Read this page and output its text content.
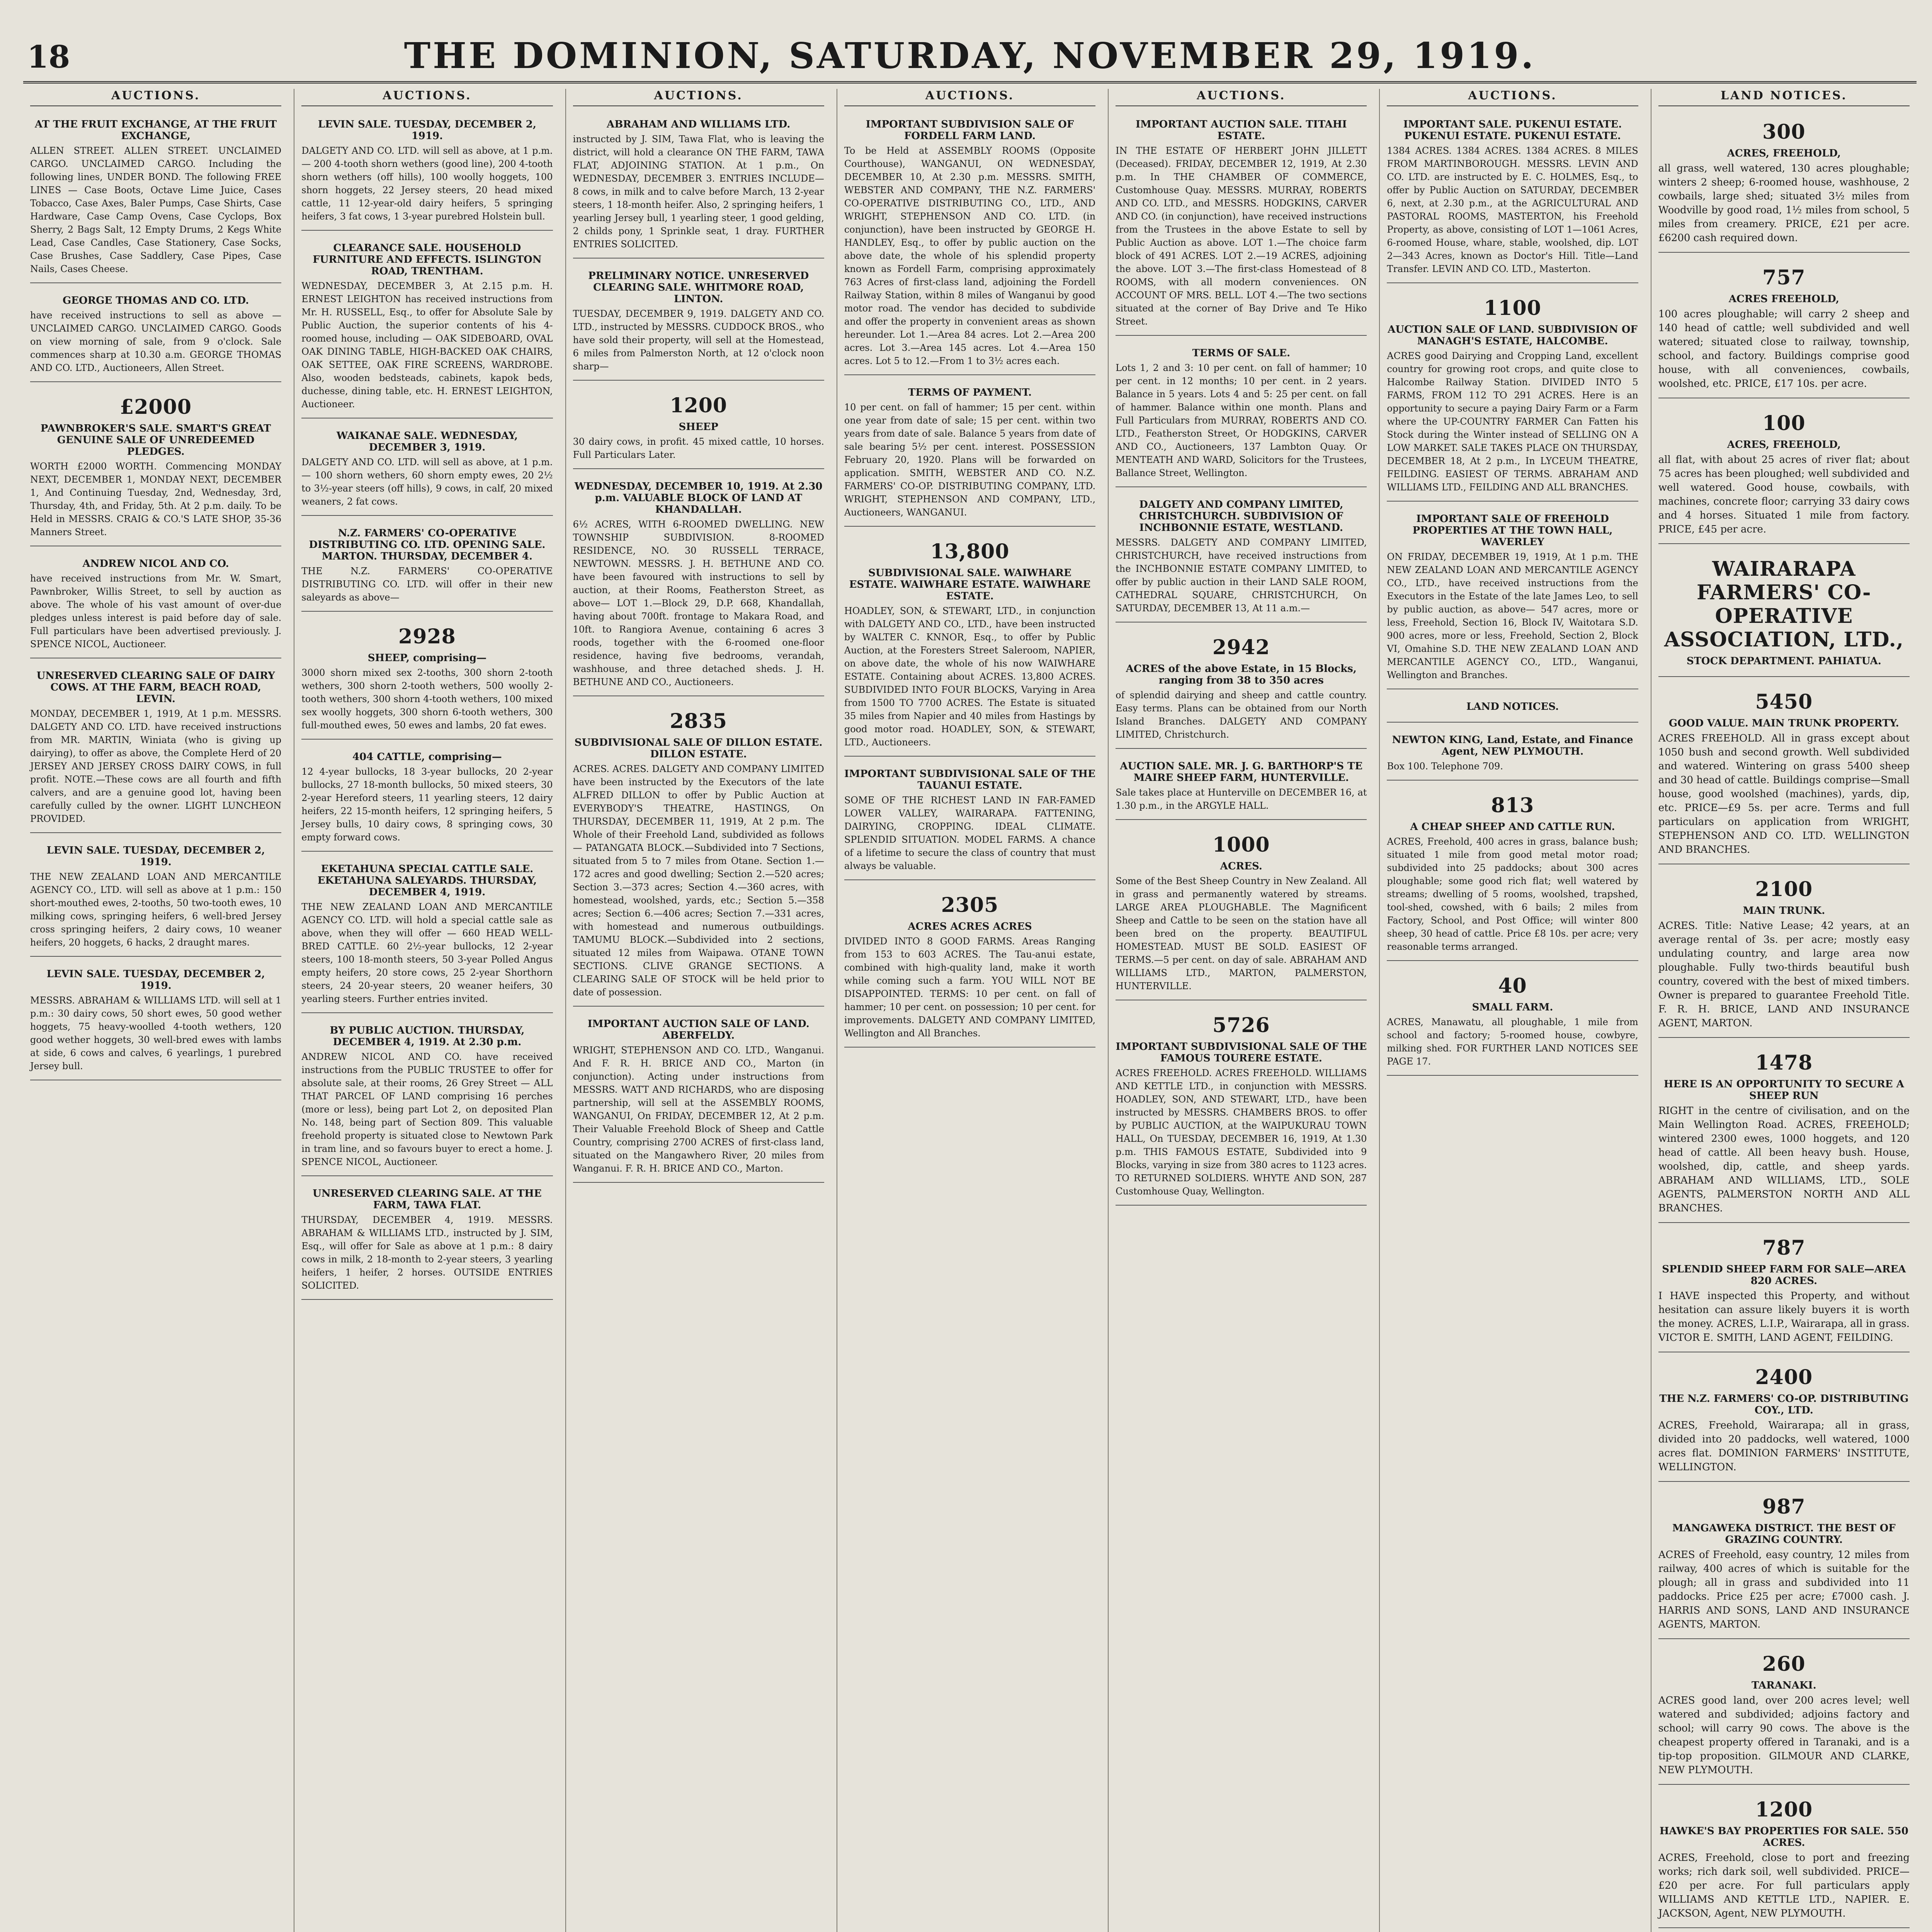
18	THE DOMINION, SATURDAY, NOVEMBER 29, 1919.
AUCTIONS.
AT THE FRUIT EXCHANGE, AT THE FRUIT EXCHANGE,
ALLEN STREET. ALLEN STREET. UNCLAIMED CARGO. UNCLAIMED CARGO. Including the following lines, UNDER BOND. The following FREE LINES — Case Boots, Octave Lime Juice, Cases Tobacco, Case Axes, Baler Pumps, Case Shirts, Case Hardware, Case Camp Ovens, Case Cyclops, Box Sherry, 2 Bags Salt, 12 Empty Drums, 2 Kegs White Lead, Case Candles, Case Stationery, Case Socks, Case Brushes, Case Saddlery, Case Pipes, Case Nails, Cases Cheese.
GEORGE THOMAS AND CO. LTD.
have received instructions to sell as above — UNCLAIMED CARGO. UNCLAIMED CARGO. Goods on view morning of sale, from 9 o'clock. Sale commences sharp at 10.30 a.m. GEORGE THOMAS AND CO. LTD., Auctioneers, Allen Street.
£2000
PAWNBROKER'S SALE. SMART'S GREAT GENUINE SALE OF UNREDEEMED PLEDGES.
WORTH £2000 WORTH. Commencing MONDAY NEXT, DECEMBER 1, MONDAY NEXT, DECEMBER 1, And Continuing Tuesday, 2nd, Wednesday, 3rd, Thursday, 4th, and Friday, 5th. At 2 p.m. daily. To be Held in MESSRS. CRAIG & CO.'S LATE SHOP, 35-36 Manners Street.
ANDREW NICOL AND CO.
have received instructions from Mr. W. Smart, Pawnbroker, Willis Street, to sell by auction as above. The whole of his vast amount of over-due pledges unless interest is paid before day of sale. Full particulars have been advertised previously. J. SPENCE NICOL, Auctioneer.
UNRESERVED CLEARING SALE OF DAIRY COWS. AT THE FARM, BEACH ROAD, LEVIN.
MONDAY, DECEMBER 1, 1919, At 1 p.m. MESSRS. DALGETY AND CO. LTD. have received instructions from MR. MARTIN, Winiata (who is giving up dairying), to offer as above, the Complete Herd of 20 JERSEY AND JERSEY CROSS DAIRY COWS, in full profit. NOTE.—These cows are all fourth and fifth calvers, and are a genuine good lot, having been carefully culled by the owner. LIGHT LUNCHEON PROVIDED.
LEVIN SALE. TUESDAY, DECEMBER 2, 1919.
THE NEW ZEALAND LOAN AND MERCANTILE AGENCY CO., LTD. will sell as above at 1 p.m.: 150 short-mouthed ewes, 2-tooths, 50 two-tooth ewes, 10 milking cows, springing heifers, 6 well-bred Jersey cross springing heifers, 2 dairy cows, 10 weaner heifers, 20 hoggets, 6 hacks, 2 draught mares.
LEVIN SALE. TUESDAY, DECEMBER 2, 1919.
MESSRS. ABRAHAM & WILLIAMS LTD. will sell at 1 p.m.: 30 dairy cows, 50 short ewes, 50 good wether hoggets, 75 heavy-woolled 4-tooth wethers, 120 good wether hoggets, 30 well-bred ewes with lambs at side, 6 cows and calves, 6 yearlings, 1 purebred Jersey bull.
AUCTIONS.
LEVIN SALE. TUESDAY, DECEMBER 2, 1919.
DALGETY AND CO. LTD. will sell as above, at 1 p.m.— 200 4-tooth shorn wethers (good line), 200 4-tooth shorn wethers (off hills), 100 woolly hoggets, 100 shorn hoggets, 22 Jersey steers, 20 head mixed cattle, 11 12-year-old dairy heifers, 5 springing heifers, 3 fat cows, 1 3-year purebred Holstein bull.
CLEARANCE SALE. HOUSEHOLD FURNITURE AND EFFECTS. ISLINGTON ROAD, TRENTHAM.
WEDNESDAY, DECEMBER 3, At 2.15 p.m. H. ERNEST LEIGHTON has received instructions from Mr. H. RUSSELL, Esq., to offer for Absolute Sale by Public Auction, the superior contents of his 4-roomed house, including — OAK SIDEBOARD, OVAL OAK DINING TABLE, HIGH-BACKED OAK CHAIRS, OAK SETTEE, OAK FIRE SCREENS, WARDROBE. Also, wooden bedsteads, cabinets, kapok beds, duchesse, dining table, etc. H. ERNEST LEIGHTON, Auctioneer.
WAIKANAE SALE. WEDNESDAY, DECEMBER 3, 1919.
DALGETY AND CO. LTD. will sell as above, at 1 p.m. — 100 shorn wethers, 60 shorn empty ewes, 20 2½ to 3½-year steers (off hills), 9 cows, in calf, 20 mixed weaners, 2 fat cows.
N.Z. FARMERS' CO-OPERATIVE DISTRIBUTING CO. LTD. OPENING SALE. MARTON. THURSDAY, DECEMBER 4.
THE N.Z. FARMERS' CO-OPERATIVE DISTRIBUTING CO. LTD. will offer in their new saleyards as above—
2928
SHEEP, comprising—
3000 shorn mixed sex 2-tooths, 300 shorn 2-tooth wethers, 300 shorn 2-tooth wethers, 500 woolly 2-tooth wethers, 300 shorn 4-tooth wethers, 100 mixed sex woolly hoggets, 300 shorn 6-tooth wethers, 300 full-mouthed ewes, 50 ewes and lambs, 20 fat ewes.
404 CATTLE, comprising—
12 4-year bullocks, 18 3-year bullocks, 20 2-year bullocks, 27 18-month bullocks, 50 mixed steers, 30 2-year Hereford steers, 11 yearling steers, 12 dairy heifers, 22 15-month heifers, 12 springing heifers, 5 Jersey bulls, 10 dairy cows, 8 springing cows, 30 empty forward cows.
EKETAHUNA SPECIAL CATTLE SALE. EKETAHUNA SALEYARDS. THURSDAY, DECEMBER 4, 1919.
THE NEW ZEALAND LOAN AND MERCANTILE AGENCY CO. LTD. will hold a special cattle sale as above, when they will offer — 660 HEAD WELL-BRED CATTLE. 60 2½-year bullocks, 12 2-year steers, 100 18-month steers, 50 3-year Polled Angus empty heifers, 20 store cows, 25 2-year Shorthorn steers, 24 20-year steers, 20 weaner heifers, 30 yearling steers. Further entries invited.
BY PUBLIC AUCTION. THURSDAY, DECEMBER 4, 1919. At 2.30 p.m.
ANDREW NICOL AND CO. have received instructions from the PUBLIC TRUSTEE to offer for absolute sale, at their rooms, 26 Grey Street — ALL THAT PARCEL OF LAND comprising 16 perches (more or less), being part Lot 2, on deposited Plan No. 148, being part of Section 809. This valuable freehold property is situated close to Newtown Park in tram line, and so favours buyer to erect a home. J. SPENCE NICOL, Auctioneer.
UNRESERVED CLEARING SALE. AT THE FARM, TAWA FLAT.
THURSDAY, DECEMBER 4, 1919. MESSRS. ABRAHAM & WILLIAMS LTD., instructed by J. SIM, Esq., will offer for Sale as above at 1 p.m.: 8 dairy cows in milk, 2 18-month to 2-year steers, 3 yearling heifers, 1 heifer, 2 horses. OUTSIDE ENTRIES SOLICITED.
AUCTIONS.
ABRAHAM AND WILLIAMS LTD.
instructed by J. SIM, Tawa Flat, who is leaving the district, will hold a clearance ON THE FARM, TAWA FLAT, ADJOINING STATION. At 1 p.m., On WEDNESDAY, DECEMBER 3. ENTRIES INCLUDE— 8 cows, in milk and to calve before March, 13 2-year steers, 1 18-month heifer. Also, 2 springing heifers, 1 yearling Jersey bull, 1 yearling steer, 1 good gelding, 2 childs pony, 1 Sprinkle seat, 1 dray. FURTHER ENTRIES SOLICITED.
PRELIMINARY NOTICE. UNRESERVED CLEARING SALE. WHITMORE ROAD, LINTON.
TUESDAY, DECEMBER 9, 1919. DALGETY AND CO. LTD., instructed by MESSRS. CUDDOCK BROS., who have sold their property, will sell at the Homestead, 6 miles from Palmerston North, at 12 o'clock noon sharp—
1200
SHEEP
30 dairy cows, in profit. 45 mixed cattle, 10 horses. Full Particulars Later.
WEDNESDAY, DECEMBER 10, 1919. At 2.30 p.m. VALUABLE BLOCK OF LAND AT KHANDALLAH.
6½ ACRES, WITH 6-ROOMED DWELLING. NEW TOWNSHIP SUBDIVISION. 8-ROOMED RESIDENCE, NO. 30 RUSSELL TERRACE, NEWTOWN. MESSRS. J. H. BETHUNE AND CO. have been favoured with instructions to sell by auction, at their Rooms, Featherston Street, as above— LOT 1.—Block 29, D.P. 668, Khandallah, having about 700ft. frontage to Makara Road, and 10ft. to Rangiora Avenue, containing 6 acres 3 roods, together with the 6-roomed one-floor residence, having five bedrooms, verandah, washhouse, and three detached sheds. J. H. BETHUNE AND CO., Auctioneers.
2835
SUBDIVISIONAL SALE OF DILLON ESTATE. DILLON ESTATE.
ACRES. ACRES. DALGETY AND COMPANY LIMITED have been instructed by the Executors of the late ALFRED DILLON to offer by Public Auction at EVERYBODY'S THEATRE, HASTINGS, On THURSDAY, DECEMBER 11, 1919, At 2 p.m. The Whole of their Freehold Land, subdivided as follows— PATANGATA BLOCK.—Subdivided into 7 Sections, situated from 5 to 7 miles from Otane. Section 1.—172 acres and good dwelling; Section 2.—520 acres; Section 3.—373 acres; Section 4.—360 acres, with homestead, woolshed, yards, etc.; Section 5.—358 acres; Section 6.—406 acres; Section 7.—331 acres, with homestead and numerous outbuildings. TAMUMU BLOCK.—Subdivided into 2 sections, situated 12 miles from Waipawa. OTANE TOWN SECTIONS. CLIVE GRANGE SECTIONS. A CLEARING SALE OF STOCK will be held prior to date of possession.
IMPORTANT AUCTION SALE OF LAND. ABERFELDY.
WRIGHT, STEPHENSON AND CO. LTD., Wanganui. And F. R. H. BRICE AND CO., Marton (in conjunction). Acting under instructions from MESSRS. WATT AND RICHARDS, who are disposing partnership, will sell at the ASSEMBLY ROOMS, WANGANUI, On FRIDAY, DECEMBER 12, At 2 p.m. Their Valuable Freehold Block of Sheep and Cattle Country, comprising 2700 ACRES of first-class land, situated on the Mangawhero River, 20 miles from Wanganui. F. R. H. BRICE AND CO., Marton.
AUCTIONS.
IMPORTANT SUBDIVISION SALE OF FORDELL FARM LAND.
To be Held at ASSEMBLY ROOMS (Opposite Courthouse), WANGANUI, ON WEDNESDAY, DECEMBER 10, At 2.30 p.m. MESSRS. SMITH, WEBSTER AND COMPANY, THE N.Z. FARMERS' CO-OPERATIVE DISTRIBUTING CO., LTD., AND WRIGHT, STEPHENSON AND CO. LTD. (in conjunction), have been instructed by GEORGE H. HANDLEY, Esq., to offer by public auction on the above date, the whole of his splendid property known as Fordell Farm, comprising approximately 763 Acres of first-class land, adjoining the Fordell Railway Station, within 8 miles of Wanganui by good motor road. The vendor has decided to subdivide and offer the property in convenient areas as shown hereunder. Lot 1.—Area 84 acres. Lot 2.—Area 200 acres. Lot 3.—Area 145 acres. Lot 4.—Area 150 acres. Lot 5 to 12.—From 1 to 3½ acres each.
TERMS OF PAYMENT.
10 per cent. on fall of hammer; 15 per cent. within one year from date of sale; 15 per cent. within two years from date of sale. Balance 5 years from date of sale bearing 5½ per cent. interest. POSSESSION February 20, 1920. Plans will be forwarded on application. SMITH, WEBSTER AND CO. N.Z. FARMERS' CO-OP. DISTRIBUTING COMPANY, LTD. WRIGHT, STEPHENSON AND COMPANY, LTD., Auctioneers, WANGANUI.
13,800
SUBDIVISIONAL SALE. WAIWHARE ESTATE. WAIWHARE ESTATE. WAIWHARE ESTATE.
HOADLEY, SON, & STEWART, LTD., in conjunction with DALGETY AND CO., LTD., have been instructed by WALTER C. KNNOR, Esq., to offer by Public Auction, at the Foresters Street Saleroom, NAPIER, on above date, the whole of his now WAIWHARE ESTATE. Containing about ACRES. 13,800 ACRES. SUBDIVIDED INTO FOUR BLOCKS, Varying in Area from 1500 TO 7700 ACRES. The Estate is situated 35 miles from Napier and 40 miles from Hastings by good motor road. HOADLEY, SON, & STEWART, LTD., Auctioneers.
IMPORTANT SUBDIVISIONAL SALE OF THE TAUANUI ESTATE.
SOME OF THE RICHEST LAND IN FAR-FAMED LOWER VALLEY, WAIRARAPA. FATTENING, DAIRYING, CROPPING. IDEAL CLIMATE. SPLENDID SITUATION. MODEL FARMS. A chance of a lifetime to secure the class of country that must always be valuable.
2305
ACRES ACRES ACRES
DIVIDED INTO 8 GOOD FARMS. Areas Ranging from 153 to 603 ACRES. The Tau-anui estate, combined with high-quality land, make it worth while coming such a farm. YOU WILL NOT BE DISAPPOINTED. TERMS: 10 per cent. on fall of hammer; 10 per cent. on possession; 10 per cent. for improvements. DALGETY AND COMPANY LIMITED, Wellington and All Branches.
AUCTIONS.
IMPORTANT AUCTION SALE. TITAHI ESTATE.
IN THE ESTATE OF HERBERT JOHN JILLETT (Deceased). FRIDAY, DECEMBER 12, 1919, At 2.30 p.m. In THE CHAMBER OF COMMERCE, Customhouse Quay. MESSRS. MURRAY, ROBERTS AND CO. LTD., and MESSRS. HODGKINS, CARVER AND CO. (in conjunction), have received instructions from the Trustees in the above Estate to sell by Public Auction as above. LOT 1.—The choice farm block of 491 ACRES. LOT 2.—19 ACRES, adjoining the above. LOT 3.—The first-class Homestead of 8 ROOMS, with all modern conveniences. ON ACCOUNT OF MRS. BELL. LOT 4.—The two sections situated at the corner of Bay Drive and Te Hiko Street.
TERMS OF SALE.
Lots 1, 2 and 3: 10 per cent. on fall of hammer; 10 per cent. in 12 months; 10 per cent. in 2 years. Balance in 5 years. Lots 4 and 5: 25 per cent. on fall of hammer. Balance within one month. Plans and Full Particulars from MURRAY, ROBERTS AND CO. LTD., Featherston Street, Or HODGKINS, CARVER AND CO., Auctioneers, 137 Lambton Quay. Or MENTEATH AND WARD, Solicitors for the Trustees, Ballance Street, Wellington.
DALGETY AND COMPANY LIMITED, CHRISTCHURCH. SUBDIVISION OF INCHBONNIE ESTATE, WESTLAND.
MESSRS. DALGETY AND COMPANY LIMITED, CHRISTCHURCH, have received instructions from the INCHBONNIE ESTATE COMPANY LIMITED, to offer by public auction in their LAND SALE ROOM, CATHEDRAL SQUARE, CHRISTCHURCH, On SATURDAY, DECEMBER 13, At 11 a.m.—
2942
ACRES of the above Estate, in 15 Blocks, ranging from 38 to 350 acres
of splendid dairying and sheep and cattle country. Easy terms. Plans can be obtained from our North Island Branches. DALGETY AND COMPANY LIMITED, Christchurch.
AUCTION SALE. MR. J. G. BARTHORP'S TE MAIRE SHEEP FARM, HUNTERVILLE.
Sale takes place at Hunterville on DECEMBER 16, at 1.30 p.m., in the ARGYLE HALL.
1000
ACRES.
Some of the Best Sheep Country in New Zealand. All in grass and permanently watered by streams. LARGE AREA PLOUGHABLE. The Magnificent Sheep and Cattle to be seen on the station have all been bred on the property. BEAUTIFUL HOMESTEAD. MUST BE SOLD. EASIEST OF TERMS.—5 per cent. on day of sale. ABRAHAM AND WILLIAMS LTD., MARTON, PALMERSTON, HUNTERVILLE.
5726
IMPORTANT SUBDIVISIONAL SALE OF THE FAMOUS TOURERE ESTATE.
ACRES FREEHOLD. ACRES FREEHOLD. WILLIAMS AND KETTLE LTD., in conjunction with MESSRS. HOADLEY, SON, AND STEWART, LTD., have been instructed by MESSRS. CHAMBERS BROS. to offer by PUBLIC AUCTION, at the WAIPUKURAU TOWN HALL, On TUESDAY, DECEMBER 16, 1919, At 1.30 p.m. THIS FAMOUS ESTATE, Subdivided into 9 Blocks, varying in size from 380 acres to 1123 acres. TO RETURNED SOLDIERS. WHYTE AND SON, 287 Customhouse Quay, Wellington.
AUCTIONS.
IMPORTANT SALE. PUKENUI ESTATE. PUKENUI ESTATE. PUKENUI ESTATE.
1384 ACRES. 1384 ACRES. 1384 ACRES. 8 MILES FROM MARTINBOROUGH. MESSRS. LEVIN AND CO. LTD. are instructed by E. C. HOLMES, Esq., to offer by Public Auction on SATURDAY, DECEMBER 6, next, at 2.30 p.m., at the AGRICULTURAL AND PASTORAL ROOMS, MASTERTON, his Freehold Property, as above, consisting of LOT 1—1061 Acres, 6-roomed House, whare, stable, woolshed, dip. LOT 2—343 Acres, known as Doctor's Hill. Title—Land Transfer. LEVIN AND CO. LTD., Masterton.
1100
AUCTION SALE OF LAND. SUBDIVISION OF MANAGH'S ESTATE, HALCOMBE.
ACRES good Dairying and Cropping Land, excellent country for growing root crops, and quite close to Halcombe Railway Station. DIVIDED INTO 5 FARMS, FROM 112 TO 291 ACRES. Here is an opportunity to secure a paying Dairy Farm or a Farm where the UP-COUNTRY FARMER Can Fatten his Stock during the Winter instead of SELLING ON A LOW MARKET. SALE TAKES PLACE ON THURSDAY, DECEMBER 18, At 2 p.m., In LYCEUM THEATRE, FEILDING. EASIEST OF TERMS. ABRAHAM AND WILLIAMS LTD., FEILDING AND ALL BRANCHES.
IMPORTANT SALE OF FREEHOLD PROPERTIES AT THE TOWN HALL, WAVERLEY
ON FRIDAY, DECEMBER 19, 1919, At 1 p.m. THE NEW ZEALAND LOAN AND MERCANTILE AGENCY CO., LTD., have received instructions from the Executors in the Estate of the late James Leo, to sell by public auction, as above— 547 acres, more or less, Freehold, Section 16, Block IV, Waitotara S.D. 900 acres, more or less, Freehold, Section 2, Block VI, Omahine S.D. THE NEW ZEALAND LOAN AND MERCANTILE AGENCY CO., LTD., Wanganui, Wellington and Branches.
LAND NOTICES.
NEWTON KING, Land, Estate, and Finance Agent, NEW PLYMOUTH.
Box 100. Telephone 709.
813
A CHEAP SHEEP AND CATTLE RUN.
ACRES, Freehold, 400 acres in grass, balance bush; situated 1 mile from good metal motor road; subdivided into 25 paddocks; about 300 acres ploughable; some good rich flat; well watered by streams; dwelling of 5 rooms, woolshed, trapshed, tool-shed, cowshed, with 6 bails; 2 miles from Factory, School, and Post Office; will winter 800 sheep, 30 head of cattle. Price £8 10s. per acre; very reasonable terms arranged.
40
SMALL FARM.
ACRES, Manawatu, all ploughable, 1 mile from school and factory; 5-roomed house, cowbyre, milking shed. FOR FURTHER LAND NOTICES SEE PAGE 17.
LAND NOTICES.
300
ACRES, FREEHOLD,
all grass, well watered, 130 acres ploughable; winters 2 sheep; 6-roomed house, washhouse, 2 cowbails, large shed; situated 3½ miles from Woodville by good road, 1½ miles from school, 5 miles from creamery. PRICE, £21 per acre. £6200 cash required down.
757
ACRES FREEHOLD,
100 acres ploughable; will carry 2 sheep and 140 head of cattle; well subdivided and well watered; situated close to railway, township, school, and factory. Buildings comprise good house, with all conveniences, cowbails, woolshed, etc. PRICE, £17 10s. per acre.
100
ACRES, FREEHOLD,
all flat, with about 25 acres of river flat; about 75 acres has been ploughed; well subdivided and well watered. Good house, cowbails, with machines, concrete floor; carrying 33 dairy cows and 4 horses. Situated 1 mile from factory. PRICE, £45 per acre.
WAIRARAPA FARMERS' CO-OPERATIVE ASSOCIATION, LTD.,
STOCK DEPARTMENT. PAHIATUA.
5450
GOOD VALUE. MAIN TRUNK PROPERTY.
ACRES FREEHOLD. All in grass except about 1050 bush and second growth. Well subdivided and watered. Wintering on grass 5400 sheep and 30 head of cattle. Buildings comprise—Small house, good woolshed (machines), yards, dip, etc. PRICE—£9 5s. per acre. Terms and full particulars on application from WRIGHT, STEPHENSON AND CO. LTD. WELLINGTON AND BRANCHES.
2100
MAIN TRUNK.
ACRES. Title: Native Lease; 42 years, at an average rental of 3s. per acre; mostly easy undulating country, and large area now ploughable. Fully two-thirds beautiful bush country, covered with the best of mixed timbers. Owner is prepared to guarantee Freehold Title. F. R. H. BRICE, LAND AND INSURANCE AGENT, MARTON.
1478
HERE IS AN OPPORTUNITY TO SECURE A SHEEP RUN
RIGHT in the centre of civilisation, and on the Main Wellington Road. ACRES, FREEHOLD; wintered 2300 ewes, 1000 hoggets, and 120 head of cattle. All been heavy bush. House, woolshed, dip, cattle, and sheep yards. ABRAHAM AND WILLIAMS, LTD., SOLE AGENTS, PALMERSTON NORTH AND ALL BRANCHES.
787
SPLENDID SHEEP FARM FOR SALE—AREA 820 ACRES.
I HAVE inspected this Property, and without hesitation can assure likely buyers it is worth the money. ACRES, L.I.P., Wairarapa, all in grass. VICTOR E. SMITH, LAND AGENT, FEILDING.
2400
THE N.Z. FARMERS' CO-OP. DISTRIBUTING COY., LTD.
ACRES, Freehold, Wairarapa; all in grass, divided into 20 paddocks, well watered, 1000 acres flat. DOMINION FARMERS' INSTITUTE, WELLINGTON.
987
MANGAWEKA DISTRICT. THE BEST OF GRAZING COUNTRY.
ACRES of Freehold, easy country, 12 miles from railway, 400 acres of which is suitable for the plough; all in grass and subdivided into 11 paddocks. Price £25 per acre; £7000 cash. J. HARRIS AND SONS, LAND AND INSURANCE AGENTS, MARTON.
260
TARANAKI.
ACRES good land, over 200 acres level; well watered and subdivided; adjoins factory and school; will carry 90 cows. The above is the cheapest property offered in Taranaki, and is a tip-top proposition. GILMOUR AND CLARKE, NEW PLYMOUTH.
1200
HAWKE'S BAY PROPERTIES FOR SALE. 550 ACRES.
ACRES, Freehold, close to port and freezing works; rich dark soil, well subdivided. PRICE—£20 per acre. For full particulars apply WILLIAMS AND KETTLE LTD., NAPIER. E. JACKSON, Agent, NEW PLYMOUTH.
